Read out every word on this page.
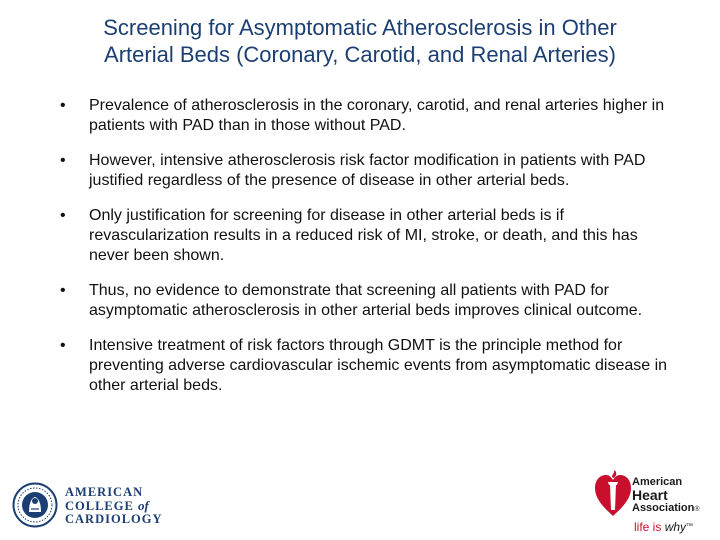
Screening for Asymptomatic Atherosclerosis in Other
Arterial Beds (Coronary, Carotid, and Renal Arteries)
• Prevalence of atherosclerosis in the coronary, carotid, and renal arteries higher in patients with PAD than in those without PAD.
• However, intensive atherosclerosis risk factor modification in patients with PAD justified regardless of the presence of disease in other arterial beds.
• Only justification for screening for disease in other arterial beds is if revascularization results in a reduced risk of MI, stroke, or death, and this has never been shown.
• Thus, no evidence to demonstrate that screening all patients with PAD for asymptomatic atherosclerosis in other arterial beds improves clinical outcome.
• Intensive treatment of risk factors through GDMT is the principle method for preventing adverse cardiovascular ischemic events from asymptomatic disease in other arterial beds.
AMERICAN
COLLEGE of
CARDIOLOGY
American
Heart
Association®
life is why™
